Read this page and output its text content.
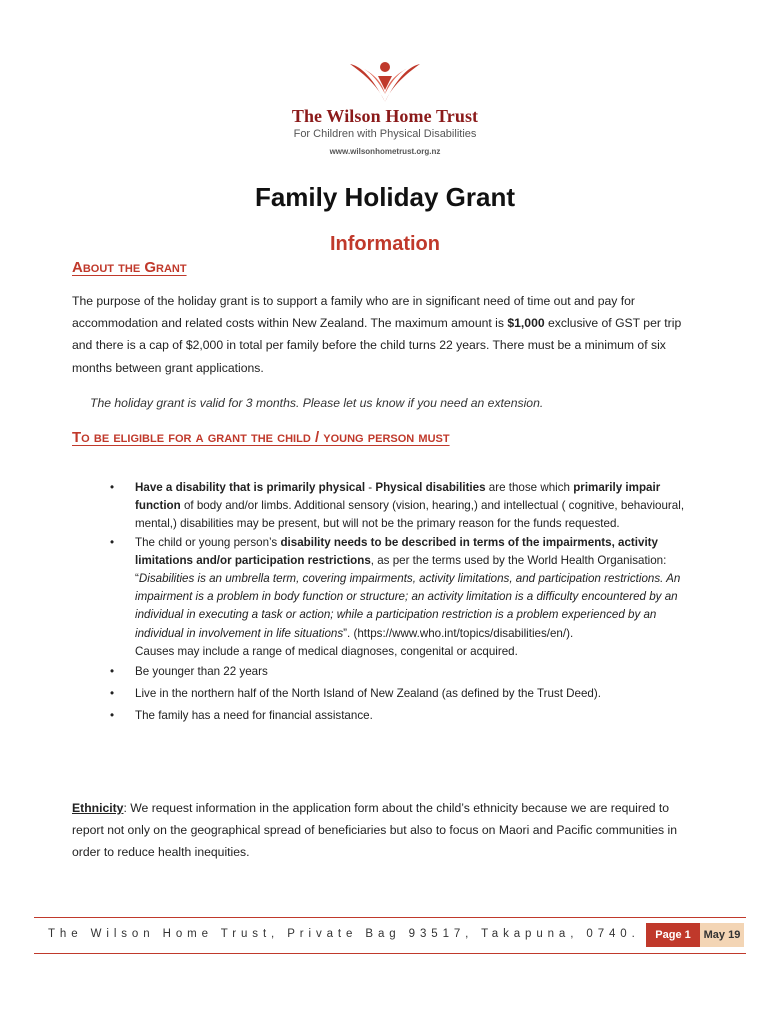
The Wilson Home Trust
For Children with Physical Disabilities
www.wilsonhometrust.org.nz
Family Holiday Grant
Information
About the Grant
The purpose of the holiday grant is to support a family who are in significant need of time out and pay for accommodation and related costs within New Zealand. The maximum amount is $1,000 exclusive of GST per trip and there is a cap of $2,000 in total per family before the child turns 22 years. There must be a minimum of six months between grant applications.
The holiday grant is valid for 3 months. Please let us know if you need an extension.
To be eligible for a grant the child / young person must
• Have a disability that is primarily physical - Physical disabilities are those which primarily impair function of body and/or limbs. Additional sensory (vision, hearing,) and intellectual ( cognitive, behavioural, mental,) disabilities may be present, but will not be the primary reason for the funds requested.
• The child or young person’s disability needs to be described in terms of the impairments, activity limitations and/or participation restrictions, as per the terms used by the World Health Organisation: “Disabilities is an umbrella term, covering impairments, activity limitations, and participation restrictions. An impairment is a problem in body function or structure; an activity limitation is a difficulty encountered by an individual in executing a task or action; while a participation restriction is a problem experienced by an individual in involvement in life situations”. (https://www.who.int/topics/disabilities/en/).
Causes may include a range of medical diagnoses, congenital or acquired.
• Be younger than 22 years
• Live in the northern half of the North Island of New Zealand (as defined by the Trust Deed).
• The family has a need for financial assistance.
Ethnicity: We request information in the application form about the child’s ethnicity because we are required to report not only on the geographical spread of beneficiaries but also to focus on Maori and Pacific communities in order to reduce health inequities.
The Wilson Home Trust, Private Bag 93517, Takapuna, 0740.	Page 1	May 19
